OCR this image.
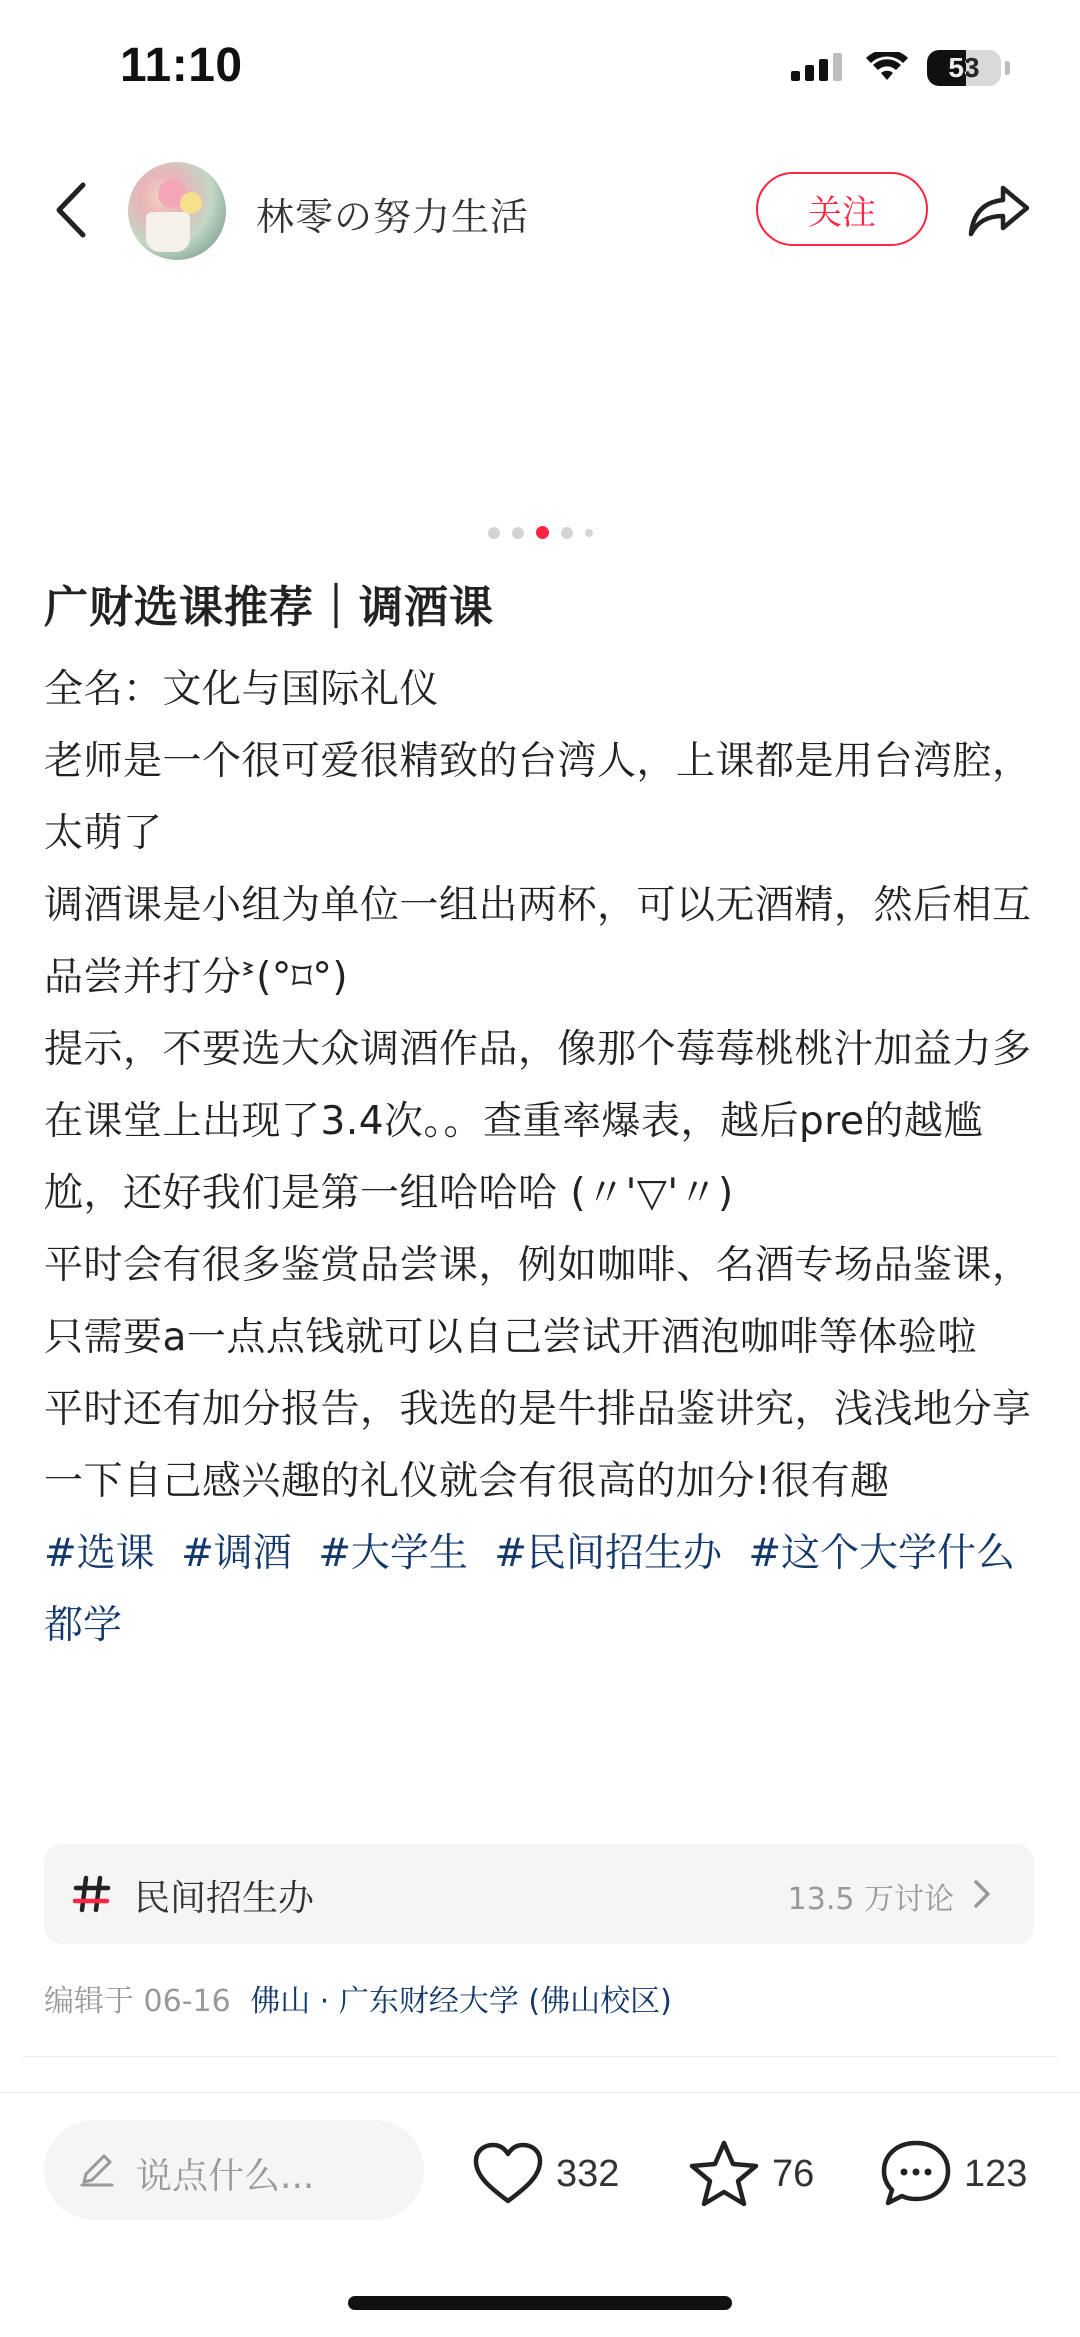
11:10	53
林零の努力生活	关注
广财选课推荐｜调酒课

全名：文化与国际礼仪

老师是一个很可爱很精致的台湾人，上课都是用台湾腔，太萌了

调酒课是小组为单位一组出两杯，可以无酒精，然后相互品尝并打分ᕑ(°⌑°)

提示，不要选大众调酒作品，像那个莓莓桃桃汁加益力多在课堂上出现了3.4次。。查重率爆表，越后pre的越尴尬，还好我们是第一组哈哈哈 (〃'▽'〃)

平时会有很多鉴赏品尝课，例如咖啡、名酒专场品鉴课，只需要a一点点钱就可以自己尝试开酒泡咖啡等体验啦

平时还有加分报告，我选的是牛排品鉴讲究，浅浅地分享一下自己感兴趣的礼仪就会有很高的加分!很有趣

#选课 #调酒 #大学生 #民间招生办 #这个大学什么都学
民间招生办	13.5 万讨论
编辑于 06-16 佛山 · 广东财经大学 (佛山校区)
说点什么...	332	76	123
